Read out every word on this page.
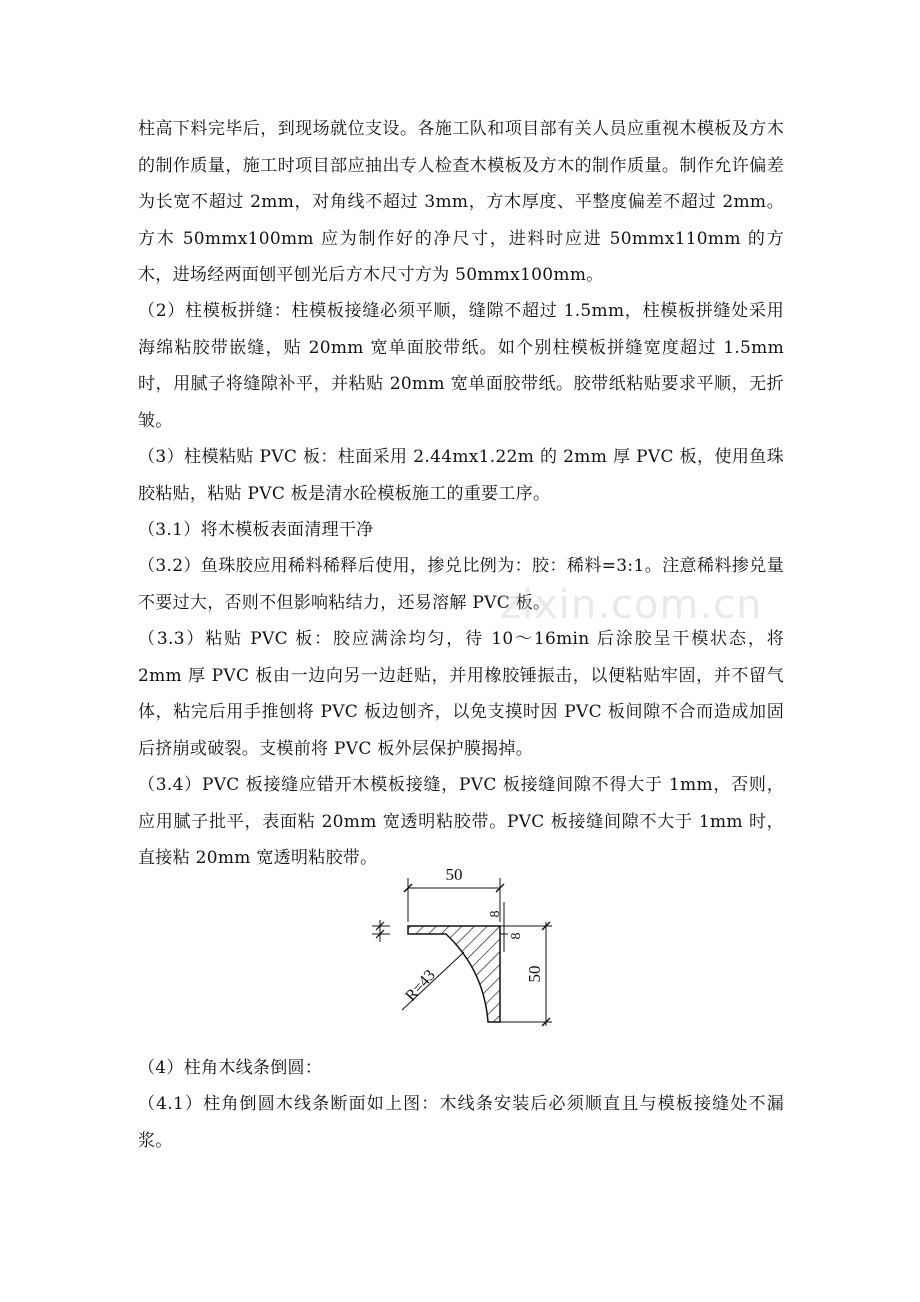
柱高下料完毕后，到现场就位支设。各施工队和项目部有关人员应重视木模板及方木的制作质量，施工时项目部应抽出专人检查木模板及方木的制作质量。制作允许偏差为长宽不超过 2mm，对角线不超过 3mm，方木厚度、平整度偏差不超过 2mm。方木 50mmx100mm 应为制作好的净尺寸，进料时应进 50mmx110mm 的方木，进场经两面刨平刨光后方木尺寸方为 50mmx100mm。

（2）柱模板拼缝：柱模板接缝必须平顺，缝隙不超过 1.5mm，柱模板拼缝处采用海绵粘胶带嵌缝，贴 20mm 宽单面胶带纸。如个别柱模板拼缝宽度超过 1.5mm 时，用腻子将缝隙补平，并粘贴 20mm 宽单面胶带纸。胶带纸粘贴要求平顺，无折皱。

（3）柱模粘贴 PVC 板：柱面采用 2.44mx1.22m 的 2mm 厚 PVC 板，使用鱼珠胶粘贴，粘贴 PVC 板是清水砼模板施工的重要工序。

（3.1）将木模板表面清理干净

（3.2）鱼珠胶应用稀料稀释后使用，掺兑比例为：胶：稀料=3:1。注意稀料掺兑量不要过大，否则不但影响粘结力，还易溶解 PVC 板。

（3.3）粘贴 PVC 板：胶应满涂均匀，待 10～16min 后涂胶呈干模状态，将 2mm 厚 PVC 板由一边向另一边赶贴，并用橡胶锤振击，以便粘贴牢固，并不留气体，粘完后用手推刨将 PVC 板边刨齐，以免支摸时因 PVC 板间隙不合而造成加固后挤崩或破裂。支模前将 PVC 板外层保护膜揭掉。

（3.4）PVC 板接缝应错开木模板接缝，PVC 板接缝间隙不得大于 1mm，否则，应用腻子批平，表面粘 20mm 宽透明粘胶带。PVC 板接缝间隙不大于 1mm 时，直接粘 20mm 宽透明粘胶带。

zixin.com.cn
50
8
8
50
R=43

（4）柱角木线条倒圆：

（4.1）柱角倒圆木线条断面如上图：木线条安装后必须顺直且与模板接缝处不漏浆。
